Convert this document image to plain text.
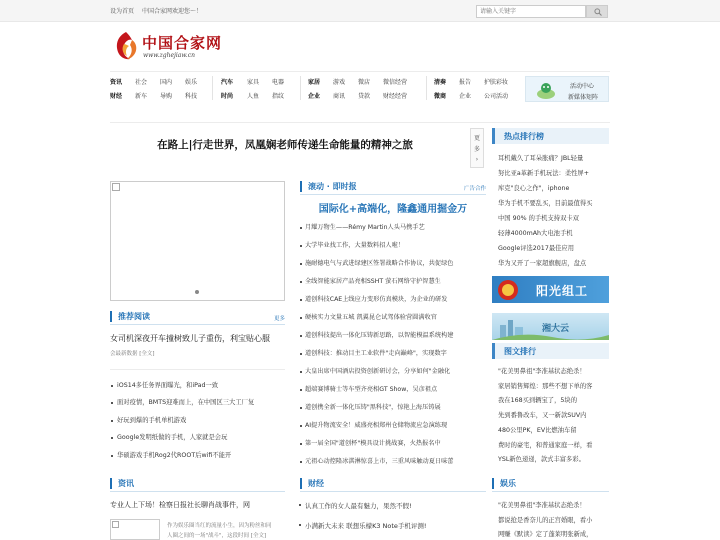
设为首页 中国合家网欢迎您～！
请输入关键字
中国合家网
www.zghejiaw.cn
资讯 社会 国内 娱乐	汽车 家具 电器	家居 游戏 微店 微信经营	清奏 报告 护肤彩妆
财经 新车 导购 科技	时尚 人鱼 指纹	企业 商讯 贷款 财经经营	微商 企业 公司活动
活动中心
新媒体矩阵
在路上|行走世界，凤凰娴老师传递生命能量的精神之旅
更多
›
热点排行榜
耳机戴久了耳朵胀痛？JBL轻量
努比亚a革新手机玩法：柔性屏+
库克"良心之作"，iphone
华为手机不要乱买，目前最值得买
中国 90% 的手机支持双卡双
轻薄4000mAh大电池手机
Google评选2017最佳应用
华为又开了一家超旗舰店，盘点
阳光组工
湘大云
图文排行
"花美男鼻祖"李准基状态绝杀！
家居销售辉煌：那些不想下单的客
我在168买到辆宝了，5块的
先到番鲁改车，又一新款SUV内
480公里PK，EV比燃油车留
费时的豪宅，和普通家庭一样，看
YSL新色递递，款式丰富多彩。
推荐阅读	更多
女司机深夜开车撞树致儿子重伤，利宝贴心服
会最新数据 [全文]
iOS14多任务界面曝光，和iPad一致
面对疫情，BMTS迎难而上，在中国区三大工厂复
好玩到爆的手机单机游戏
Google发明纸做的手机，人家就是会玩
华硕游戏手机Rog2代ROOT后wifi不能开
滚动 · 即时报	广告合作
国际化+高端化，隆鑫通用掘金万
月耀万物生——Rémy Martin人头马携手艺
大学毕业找工作，大量数料招人啦！
施耐德电气与武进绿建区签署战略合作协议，共促绿色
全线智能家居产品亮相SSHT 萤石网络守护智慧生
道创科技CAE上线应力变形仿真模块，为企业的研发
硬核实力文量五城 凯翼昆仑试驾体验营圆满收官
道创科技提出一体化压铸新思路，以智能模温系统构建
道创科技：推动目主工业软件"走向巅峰"，实现数字
大皇出席中国酒店投资创新研讨会，分享如何"金融化
超端赛博骑士等车型齐亮相GT Show，吴彦祖点
道创携全新一体化压铸"黑科技"，惊艳上海压铸展
AI提升物流安全！威盛亮相郑州仓储物流应急演练现
第一届全国"道创杯"模具设计挑战赛，火热报名中
元祖心动控隆冰淇淋惊喜上市，三重风味触动夏日味蕾
资讯
专业人上下场！检察日报社长聊肖战事件，网
作为娱乐圈当红的流量小生，因为粉丝和同
人圈之间的一场"战斗"，这段时间 [全文]
财经
认真工作的女人最有魅力，果然不假!
小满新大未来 联想乐檬K3 Note手机评测!
娱乐
"花美男鼻祖"李准基状态绝杀！
都说抢是香奈儿的正宫婚眼，看小
网赚《默读》定了蓬莱明张新成，
